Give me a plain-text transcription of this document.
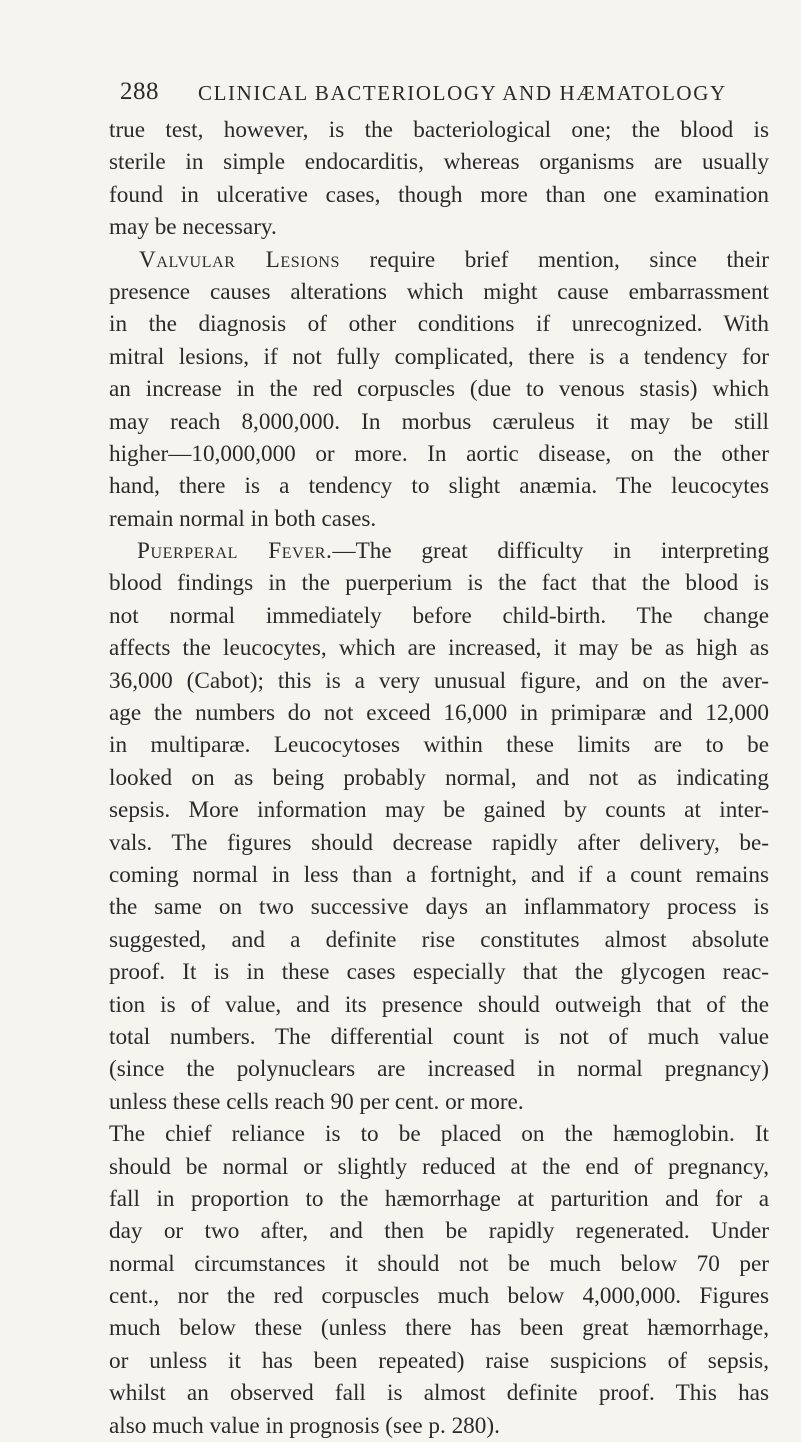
288 CLINICAL BACTERIOLOGY AND HÆMATOLOGY
true test, however, is the bacteriological one; the blood is
sterile in simple endocarditis, whereas organisms are usually
found in ulcerative cases, though more than one examination
may be necessary.
Valvular Lesions require brief mention, since their
presence causes alterations which might cause embarrassment
in the diagnosis of other conditions if unrecognized. With
mitral lesions, if not fully complicated, there is a tendency for
an increase in the red corpuscles (due to venous stasis) which
may reach 8,000,000. In morbus cæruleus it may be still
higher—10,000,000 or more. In aortic disease, on the other
hand, there is a tendency to slight anæmia. The leucocytes
remain normal in both cases.
Puerperal Fever.—The great difficulty in interpreting
blood findings in the puerperium is the fact that the blood is
not normal immediately before child-birth. The change
affects the leucocytes, which are increased, it may be as high as
36,000 (Cabot); this is a very unusual figure, and on the aver-
age the numbers do not exceed 16,000 in primiparæ and 12,000
in multiparæ. Leucocytoses within these limits are to be
looked on as being probably normal, and not as indicating
sepsis. More information may be gained by counts at inter-
vals. The figures should decrease rapidly after delivery, be-
coming normal in less than a fortnight, and if a count remains
the same on two successive days an inflammatory process is
suggested, and a definite rise constitutes almost absolute
proof. It is in these cases especially that the glycogen reac-
tion is of value, and its presence should outweigh that of the
total numbers. The differential count is not of much value
(since the polynuclears are increased in normal pregnancy)
unless these cells reach 90 per cent. or more.
The chief reliance is to be placed on the hæmoglobin. It
should be normal or slightly reduced at the end of pregnancy,
fall in proportion to the hæmorrhage at parturition and for a
day or two after, and then be rapidly regenerated. Under
normal circumstances it should not be much below 70 per
cent., nor the red corpuscles much below 4,000,000. Figures
much below these (unless there has been great hæmorrhage,
or unless it has been repeated) raise suspicions of sepsis,
whilst an observed fall is almost definite proof. This has
also much value in prognosis (see p. 280).
